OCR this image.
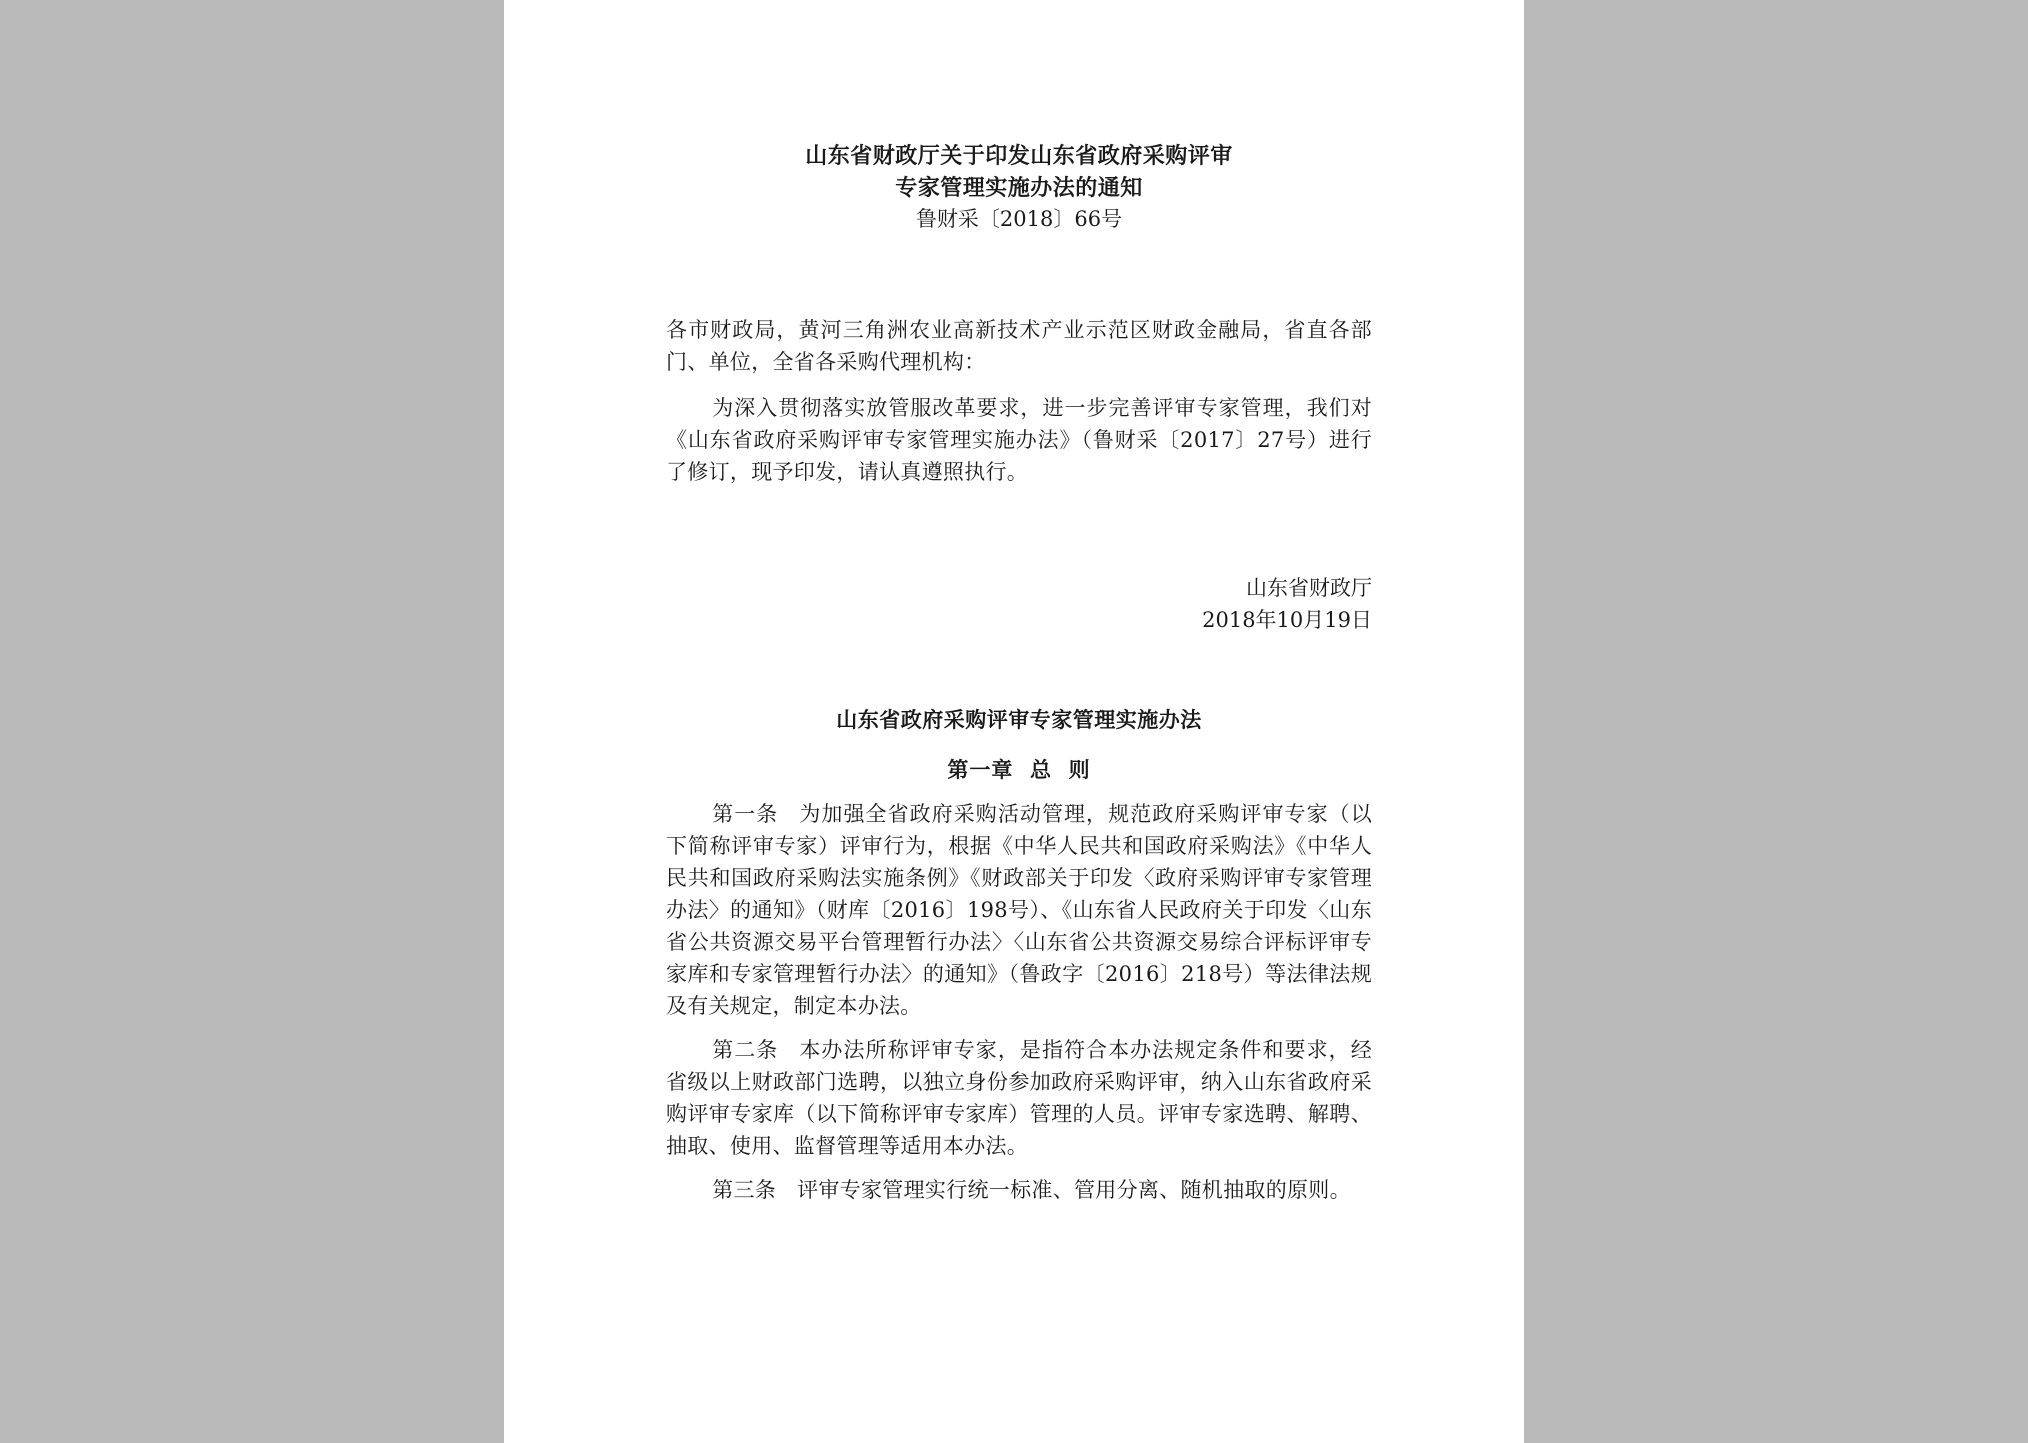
山东省财政厅关于印发山东省政府采购评审
专家管理实施办法的通知
鲁财采〔2018〕66号
各市财政局，黄河三角洲农业高新技术产业示范区财政金融局，省直各部门、单位，全省各采购代理机构：
为深入贯彻落实放管服改革要求，进一步完善评审专家管理，我们对《山东省政府采购评审专家管理实施办法》（鲁财采〔2017〕27号）进行了修订，现予印发，请认真遵照执行。
山东省财政厅
2018年10月19日
山东省政府采购评审专家管理实施办法
第一章  总  则
第一条 为加强全省政府采购活动管理，规范政府采购评审专家（以下简称评审专家）评审行为，根据《中华人民共和国政府采购法》《中华人民共和国政府采购法实施条例》《财政部关于印发〈政府采购评审专家管理办法〉的通知》（财库〔2016〕198号）、《山东省人民政府关于印发〈山东省公共资源交易平台管理暂行办法〉〈山东省公共资源交易综合评标评审专家库和专家管理暂行办法〉的通知》（鲁政字〔2016〕218号）等法律法规及有关规定，制定本办法。
第二条 本办法所称评审专家，是指符合本办法规定条件和要求，经省级以上财政部门选聘，以独立身份参加政府采购评审，纳入山东省政府采购评审专家库（以下简称评审专家库）管理的人员。评审专家选聘、解聘、抽取、使用、监督管理等适用本办法。
第三条 评审专家管理实行统一标准、管用分离、随机抽取的原则。
